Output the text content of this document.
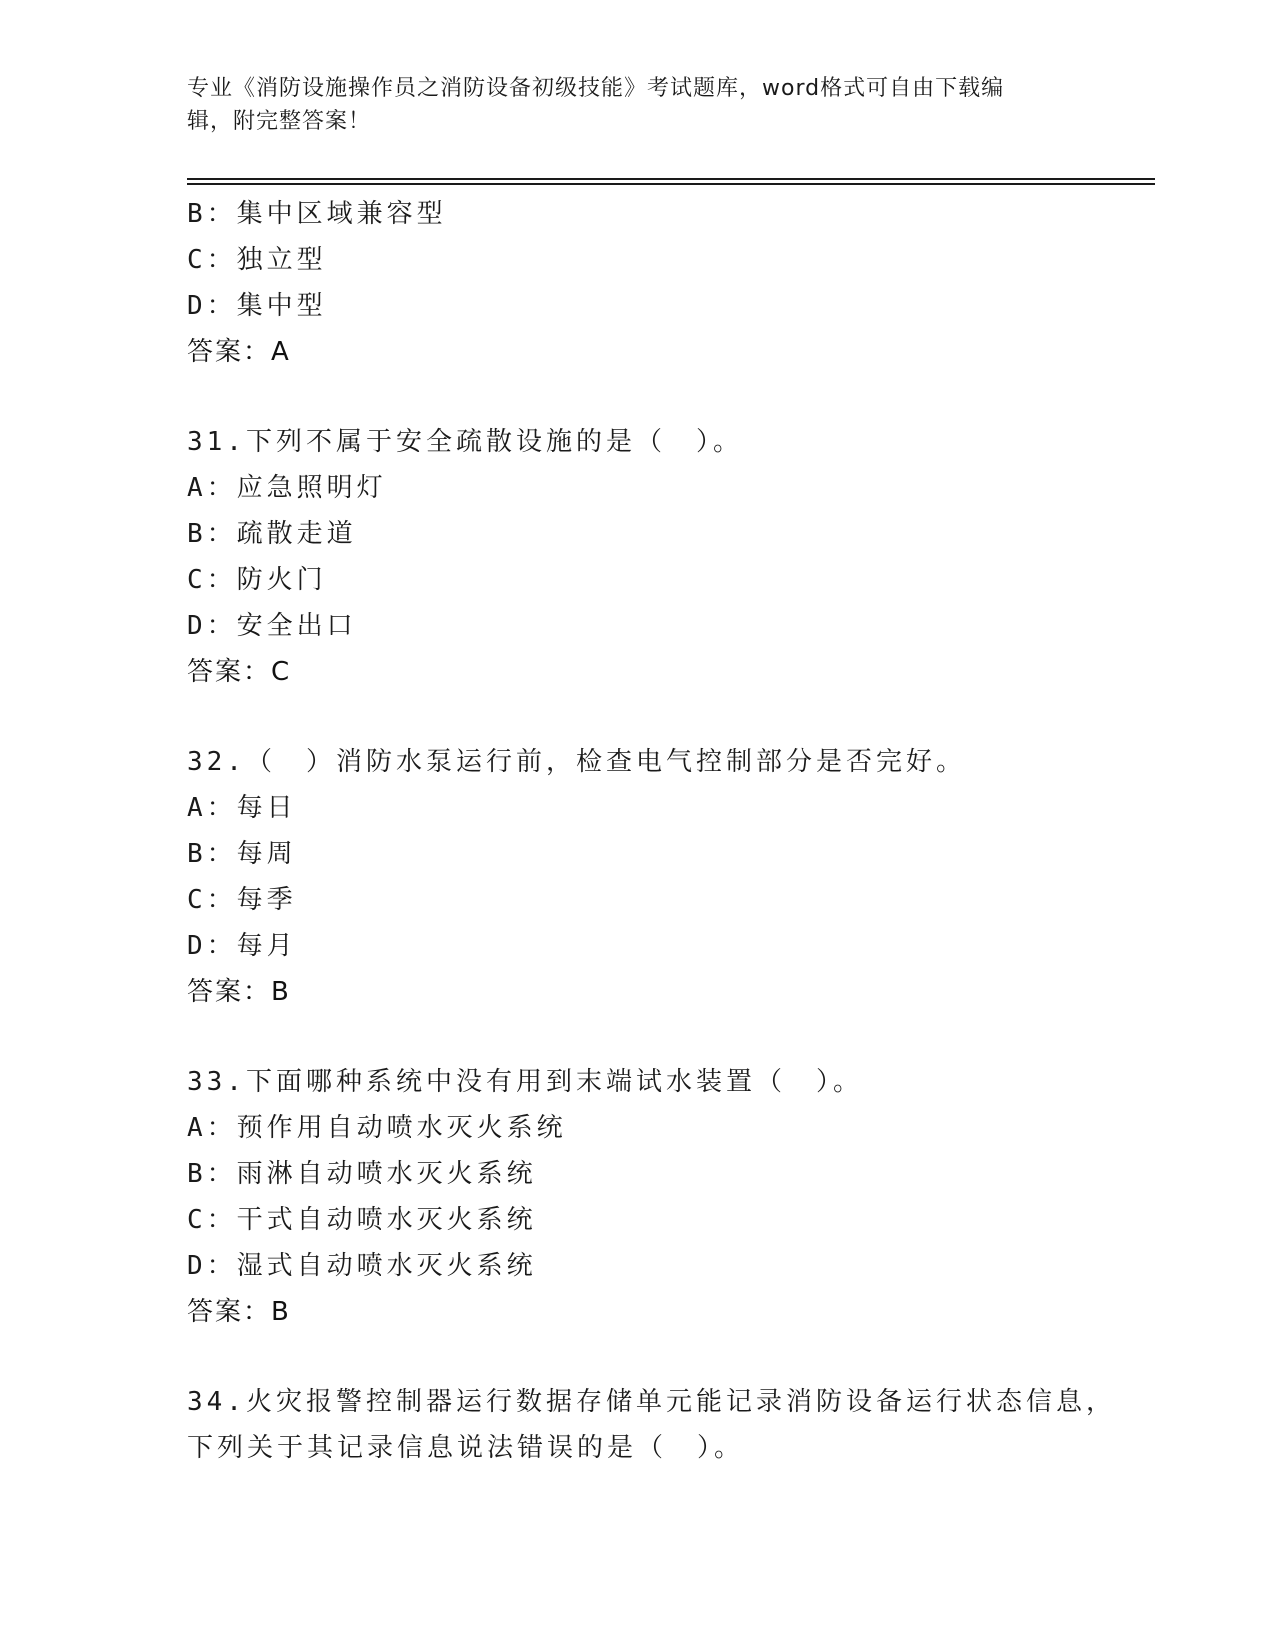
专业《消防设施操作员之消防设备初级技能》考试题库，word格式可自由下载编
辑，附完整答案！
B：集中区域兼容型
C：独立型
D：集中型
答案：A
31.下列不属于安全疏散设施的是（　）。
A：应急照明灯
B：疏散走道
C：防火门
D：安全出口
答案：C
32.（　）消防水泵运行前，检查电气控制部分是否完好。
A：每日
B：每周
C：每季
D：每月
答案：B
33.下面哪种系统中没有用到末端试水装置（　）。
A：预作用自动喷水灭火系统
B：雨淋自动喷水灭火系统
C：干式自动喷水灭火系统
D：湿式自动喷水灭火系统
答案：B
34.火灾报警控制器运行数据存储单元能记录消防设备运行状态信息，
下列关于其记录信息说法错误的是（　）。
